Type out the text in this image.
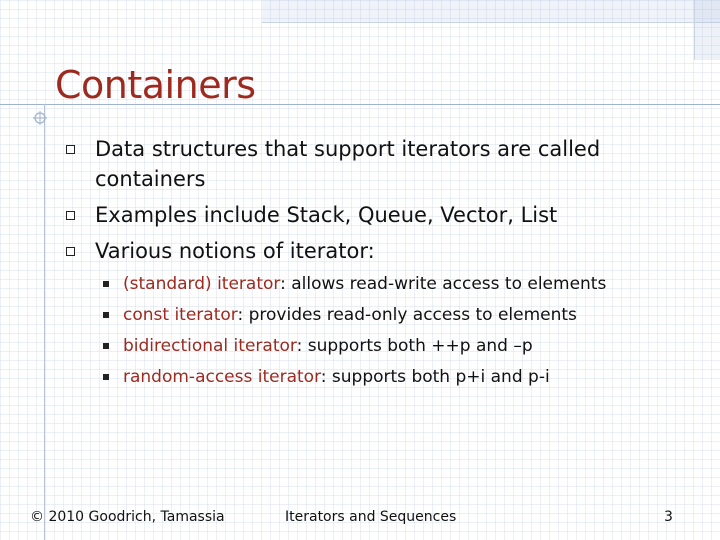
Containers
Data structures that support iterators are called containers
Examples include Stack, Queue, Vector, List
Various notions of iterator:
(standard) iterator: allows read-write access to elements
const iterator: provides read-only access to elements
bidirectional iterator: supports both ++p and –p
random-access iterator: supports both p+i and p-i
© 2010 Goodrich, Tamassia	Iterators and Sequences	3
